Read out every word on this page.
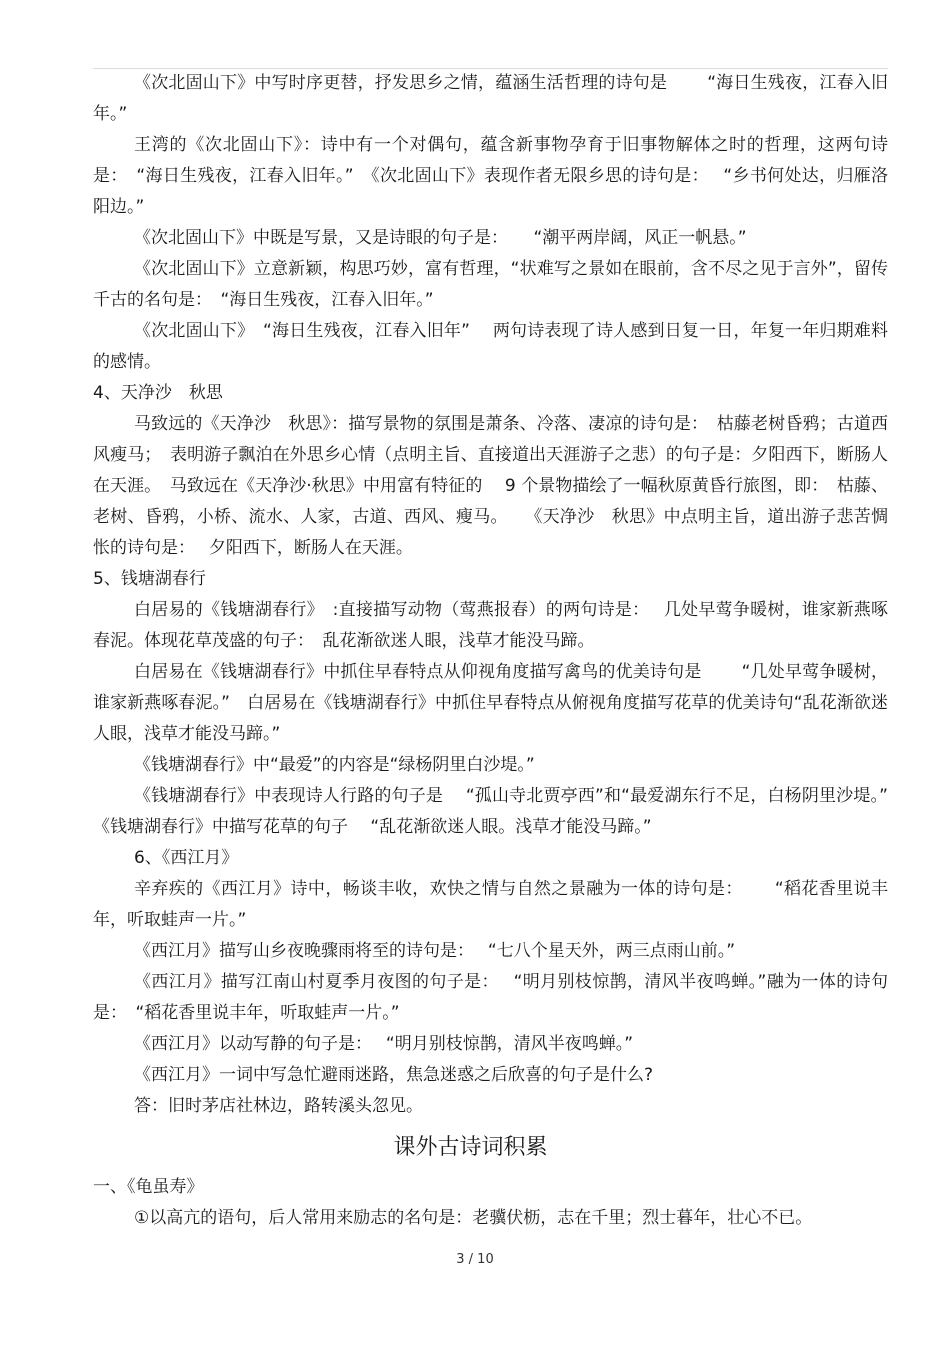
《次北固山下》中写时序更替，抒发思乡之情，蕴涵生活哲理的诗句是　　 “海日生残夜，江春入旧年。”

王湾的《次北固山下》：诗中有一个对偶句，蕴含新事物孕育于旧事物解体之时的哲理，这两句诗是：　“海日生残夜，江春入旧年。”　《次北固山下》表现作者无限乡思的诗句是：　 “乡书何处达，归雁洛阳边。”

《次北固山下》中既是写景，又是诗眼的句子是：　　“潮平两岸阔，风正一帆悬。”

《次北固山下》立意新颖，构思巧妙，富有哲理，“状难写之景如在眼前，含不尽之见于言外”，留传千古的名句是：　“海日生残夜，江春入旧年。”

《次北固山下》　“海日生残夜，江春入旧年”　 两句诗表现了诗人感到日复一日，年复一年归期难料的感情。

4、天净沙　秋思

马致远的《天净沙　秋思》：描写景物的氛围是萧条、冷落、凄凉的诗句是：　枯藤老树昏鸦；古道西风瘦马；　表明游子飘泊在外思乡心情（点明主旨、直接道出天涯游子之悲）的句子是：夕阳西下，断肠人在天涯。　马致远在《天净沙·秋思》中用富有特征的　 9 个景物描绘了一幅秋原黄昏行旅图，即：　枯藤、老树、昏鸦，小桥、流水、人家，古道、西风、瘦马。　　《天净沙　秋思》中点明主旨，道出游子悲苦惆怅的诗句是：　 夕阳西下，断肠人在天涯。

5、钱塘湖春行

白居易的《钱塘湖春行》　:直接描写动物（莺燕报春）的两句诗是：　 几处早莺争暖树，谁家新燕啄春泥。体现花草茂盛的句子：　乱花渐欲迷人眼，浅草才能没马蹄。

白居易在《钱塘湖春行》中抓住早春特点从仰视角度描写禽鸟的优美诗句是　　 “几处早莺争暖树，谁家新燕啄春泥。”　白居易在《钱塘湖春行》中抓住早春特点从俯视角度描写花草的优美诗句“乱花渐欲迷人眼，浅草才能没马蹄。”

《钱塘湖春行》中“最爱”的内容是“绿杨阴里白沙堤。”

《钱塘湖春行》中表现诗人行路的句子是　 “孤山寺北贾亭西”和“最爱湖东行不足，白杨阴里沙堤。”　《钱塘湖春行》中描写花草的句子　 “乱花渐欲迷人眼。浅草才能没马蹄。”

6、《西江月》

辛弃疾的《西江月》诗中，畅谈丰收，欢快之情与自然之景融为一体的诗句是：　　 “稻花香里说丰年，听取蛙声一片。”

《西江月》描写山乡夜晚骤雨将至的诗句是：　 “七八个星天外，两三点雨山前。”

《西江月》描写江南山村夏季月夜图的句子是：　 “明月别枝惊鹊，清风半夜鸣蝉。”融为一体的诗句是：　“稻花香里说丰年，听取蛙声一片。”

《西江月》以动写静的句子是：　 “明月别枝惊鹊，清风半夜鸣蝉。”

《西江月》一词中写急忙避雨迷路，焦急迷惑之后欣喜的句子是什么?

答：旧时茅店社林边，路转溪头忽见。

课外古诗词积累

一、《龟虽寿》

①以高亢的语句，后人常用来励志的名句是：老骥伏枥，志在千里；烈士暮年，壮心不已。

3 / 10
